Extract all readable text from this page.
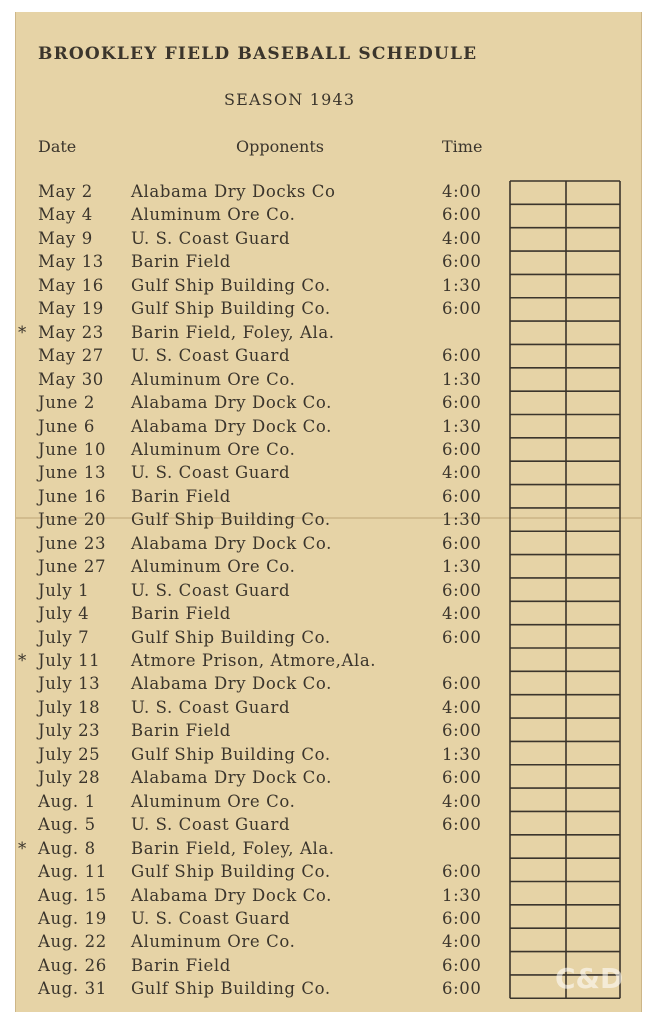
BROOKLEY FIELD BASEBALL SCHEDULE
SEASON 1943
Date	Opponents	Time
May 2	Alabama Dry Docks Co	4:00
May 4	Aluminum Ore Co.	6:00
May 9	U. S. Coast Guard	4:00
May 13	Barin Field	6:00
May 16	Gulf Ship Building Co.	1:30
May 19	Gulf Ship Building Co.	6:00
* May 23	Barin Field, Foley, Ala.
May 27	U. S. Coast Guard	6:00
May 30	Aluminum Ore Co.	1:30
June 2	Alabama Dry Dock Co.	6:00
June 6	Alabama Dry Dock Co.	1:30
June 10	Aluminum Ore Co.	6:00
June 13	U. S. Coast Guard	4:00
June 16	Barin Field	6:00
June 20	Gulf Ship Building Co.	1:30
June 23	Alabama Dry Dock Co.	6:00
June 27	Aluminum Ore Co.	1:30
July 1	U. S. Coast Guard	6:00
July 4	Barin Field	4:00
July 7	Gulf Ship Building Co.	6:00
* July 11	Atmore Prison, Atmore,Ala.
July 13	Alabama Dry Dock Co.	6:00
July 18	U. S. Coast Guard	4:00
July 23	Barin Field	6:00
July 25	Gulf Ship Building Co.	1:30
July 28	Alabama Dry Dock Co.	6:00
Aug. 1	Aluminum Ore Co.	4:00
Aug. 5	U. S. Coast Guard	6:00
* Aug. 8	Barin Field, Foley, Ala.
Aug. 11	Gulf Ship Building Co.	6:00
Aug. 15	Alabama Dry Dock Co.	1:30
Aug. 19	U. S. Coast Guard	6:00
Aug. 22	Aluminum Ore Co.	4:00
Aug. 26	Barin Field	6:00
Aug. 31	Gulf Ship Building Co.	6:00	C&D
